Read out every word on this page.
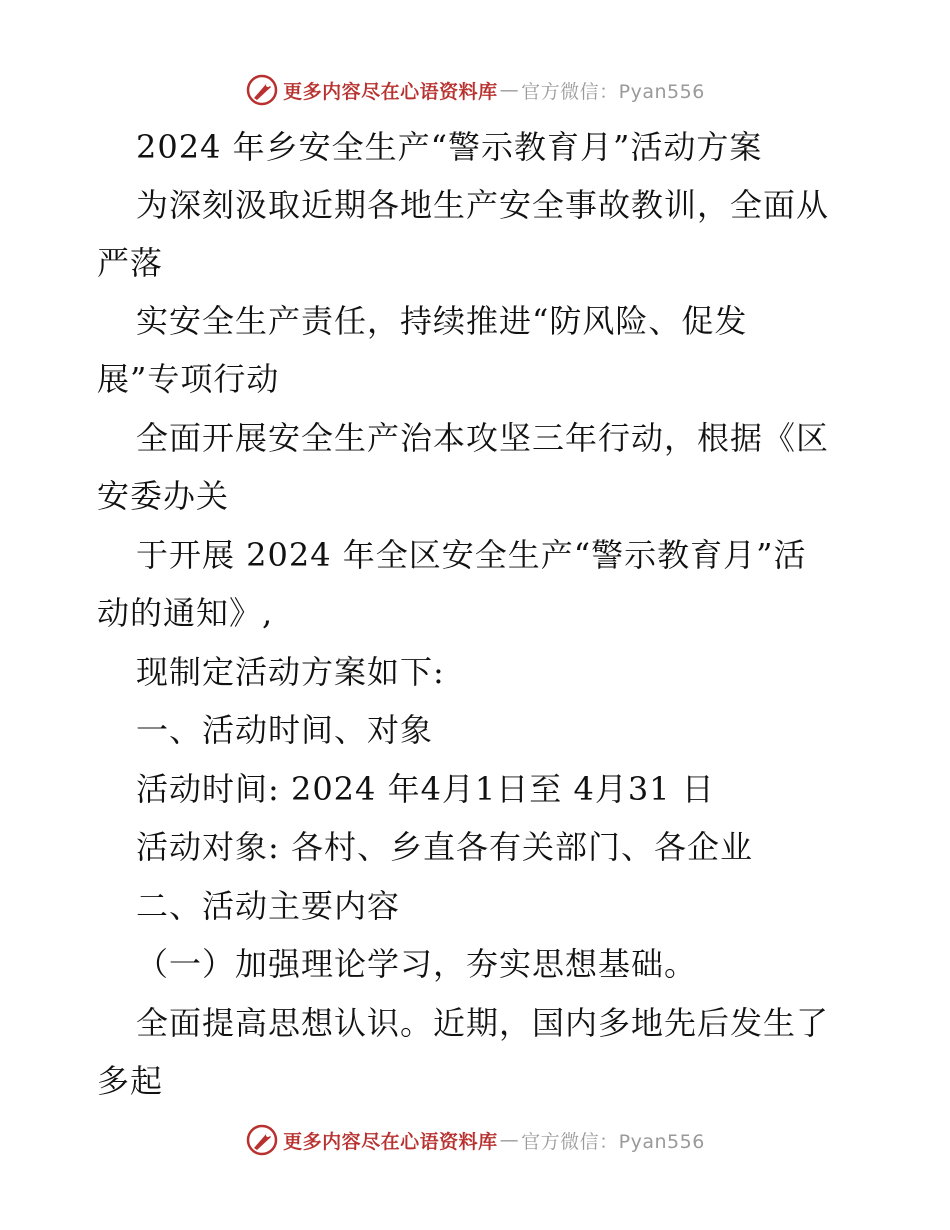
更多内容尽在心语资料库 — 官方微信：Pyan556
2024 年乡安全生产“警示教育月”活动方案
为深刻汲取近期各地生产安全事故教训，全面从
严落
实安全生产责任，持续推进“防风险、促发
展”专项行动
全面开展安全生产治本攻坚三年行动，根据《区
安委办关
于开展 2024 年全区安全生产“警示教育月”活
动的通知》,
现制定活动方案如下:
一、活动时间、对象
活动时间: 2024 年4月1日至 4月31 日
活动对象: 各村、乡直各有关部门、各企业
二、活动主要内容
（一）加强理论学习，夯实思想基础。
全面提高思想认识。近期，国内多地先后发生了
多起
更多内容尽在心语资料库 — 官方微信：Pyan556
